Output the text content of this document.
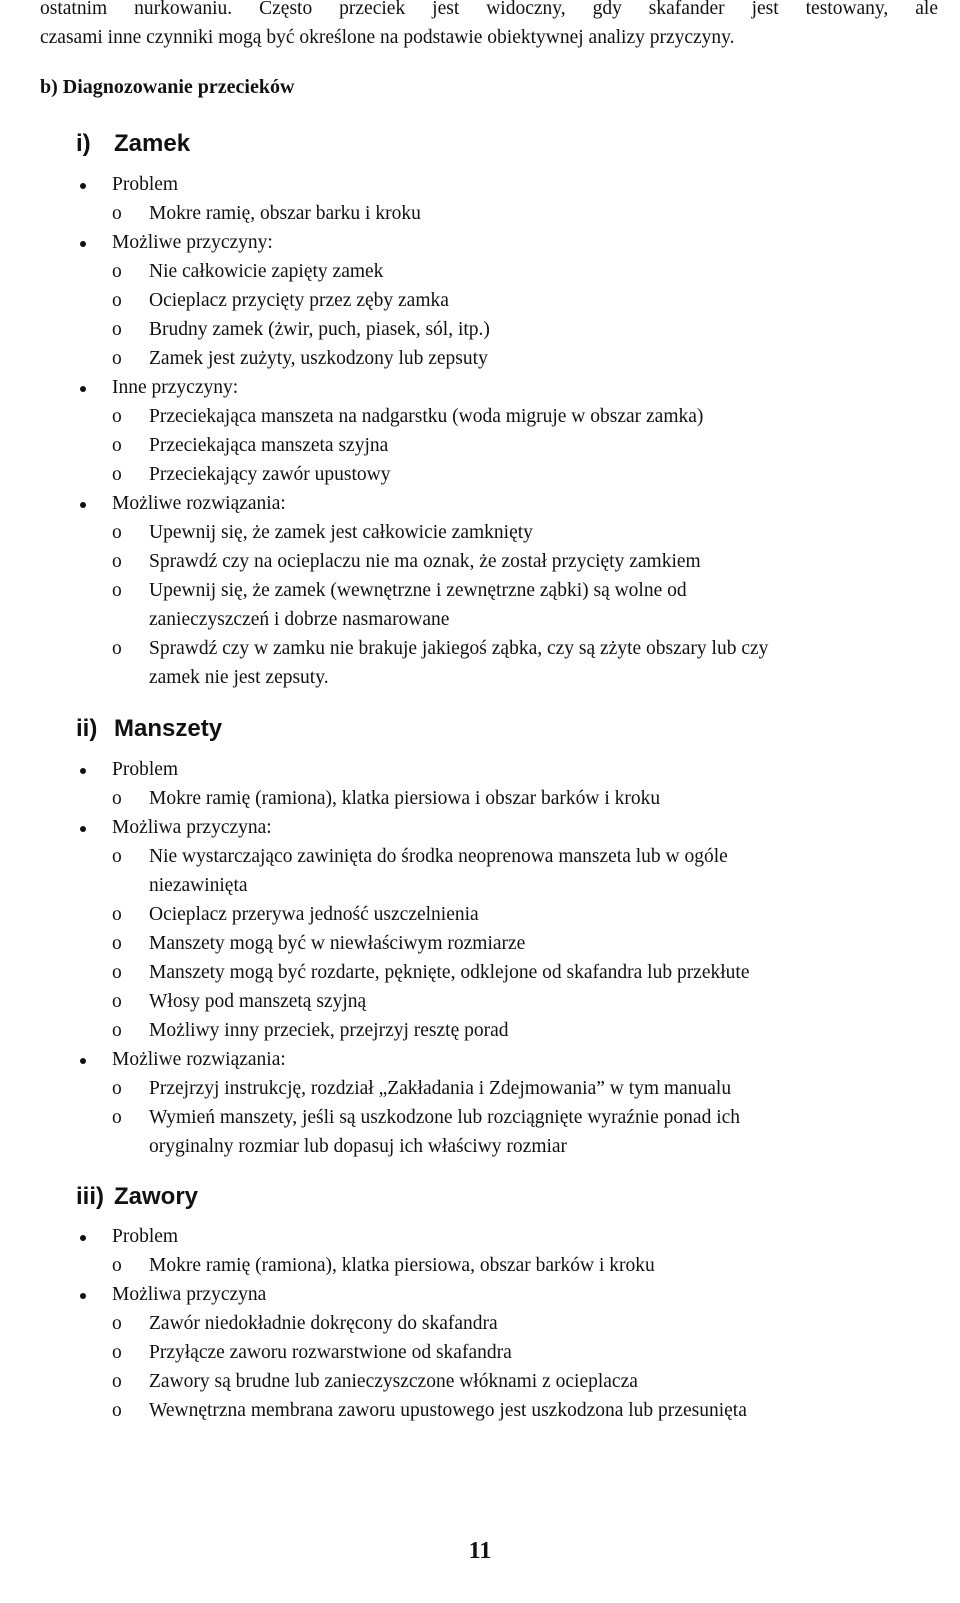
ostatnim nurkowaniu. Często przeciek jest widoczny, gdy skafander jest testowany, ale
czasami inne czynniki mogą być określone na podstawie obiektywnej analizy przyczyny.

b) Diagnozowanie przecieków
i) Zamek
Problem
o	Mokre ramię, obszar barku i kroku
Możliwe przyczyny:
o	Nie całkowicie zapięty zamek
o	Ocieplacz przycięty przez zęby zamka
o	Brudny zamek (żwir, puch, piasek, sól, itp.)
o	Zamek jest zużyty, uszkodzony lub zepsuty
Inne przyczyny:
o	Przeciekająca manszeta na nadgarstku (woda migruje w obszar zamka)
o	Przeciekająca manszeta szyjna
o	Przeciekający zawór upustowy
Możliwe rozwiązania:
o	Upewnij się, że zamek jest całkowicie zamknięty
o	Sprawdź czy na ocieplaczu nie ma oznak, że został przycięty zamkiem
o	Upewnij się, że zamek (wewnętrzne i zewnętrzne ząbki) są wolne od
zanieczyszczeń i dobrze nasmarowane
o	Sprawdź czy w zamku nie brakuje jakiegoś ząbka, czy są zżyte obszary lub czy
zamek nie jest zepsuty.
ii) Manszety
Problem
o	Mokre ramię (ramiona), klatka piersiowa i obszar barków i kroku
Możliwa przyczyna:
o	Nie wystarczająco zawinięta do środka neoprenowa manszeta lub w ogóle
niezawinięta
o	Ocieplacz przerywa jedność uszczelnienia
o	Manszety mogą być w niewłaściwym rozmiarze
o	Manszety mogą być rozdarte, pęknięte, odklejone od skafandra lub przekłute
o	Włosy pod manszetą szyjną
o	Możliwy inny przeciek, przejrzyj resztę porad
Możliwe rozwiązania:
o	Przejrzyj instrukcję, rozdział „Zakładania i Zdejmowania” w tym manualu
o	Wymień manszety, jeśli są uszkodzone lub rozciągnięte wyraźnie ponad ich
oryginalny rozmiar lub dopasuj ich właściwy rozmiar
iii) Zawory
Problem
o	Mokre ramię (ramiona), klatka piersiowa, obszar barków i kroku
Możliwa przyczyna
o	Zawór niedokładnie dokręcony do skafandra
o	Przyłącze zaworu rozwarstwione od skafandra
o	Zawory są brudne lub zanieczyszczone włóknami z ocieplacza
o	Wewnętrzna membrana zaworu upustowego jest uszkodzona lub przesunięta
11
